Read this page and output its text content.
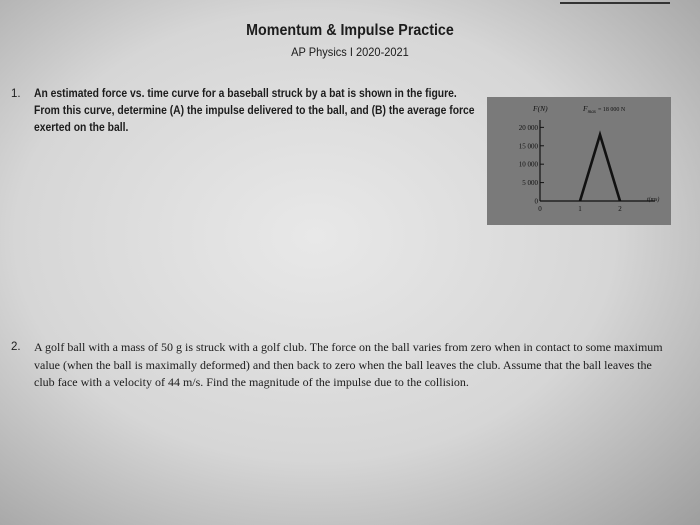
Momentum & Impulse Practice
AP Physics I 2020-2021
1. An estimated force vs. time curve for a baseball struck by a bat is shown in the figure. From this curve, determine (A) the impulse delivered to the ball, and (B) the average force exerted on the ball.	20 000
15 000
10 000
5 000
0
0	1	2
F(N)	$F_{max}$ $^{= 18 000 N}$
t(ms)
2. A golf ball with a mass of 50 g is struck with a golf club. The force on the ball varies from zero when in contact to some maximum value (when the ball is maximally deformed) and then back to zero when the ball leaves the club. Assume that the ball leaves the club face with a velocity of 44 m/s. Find the magnitude of the impulse due to the collision.
